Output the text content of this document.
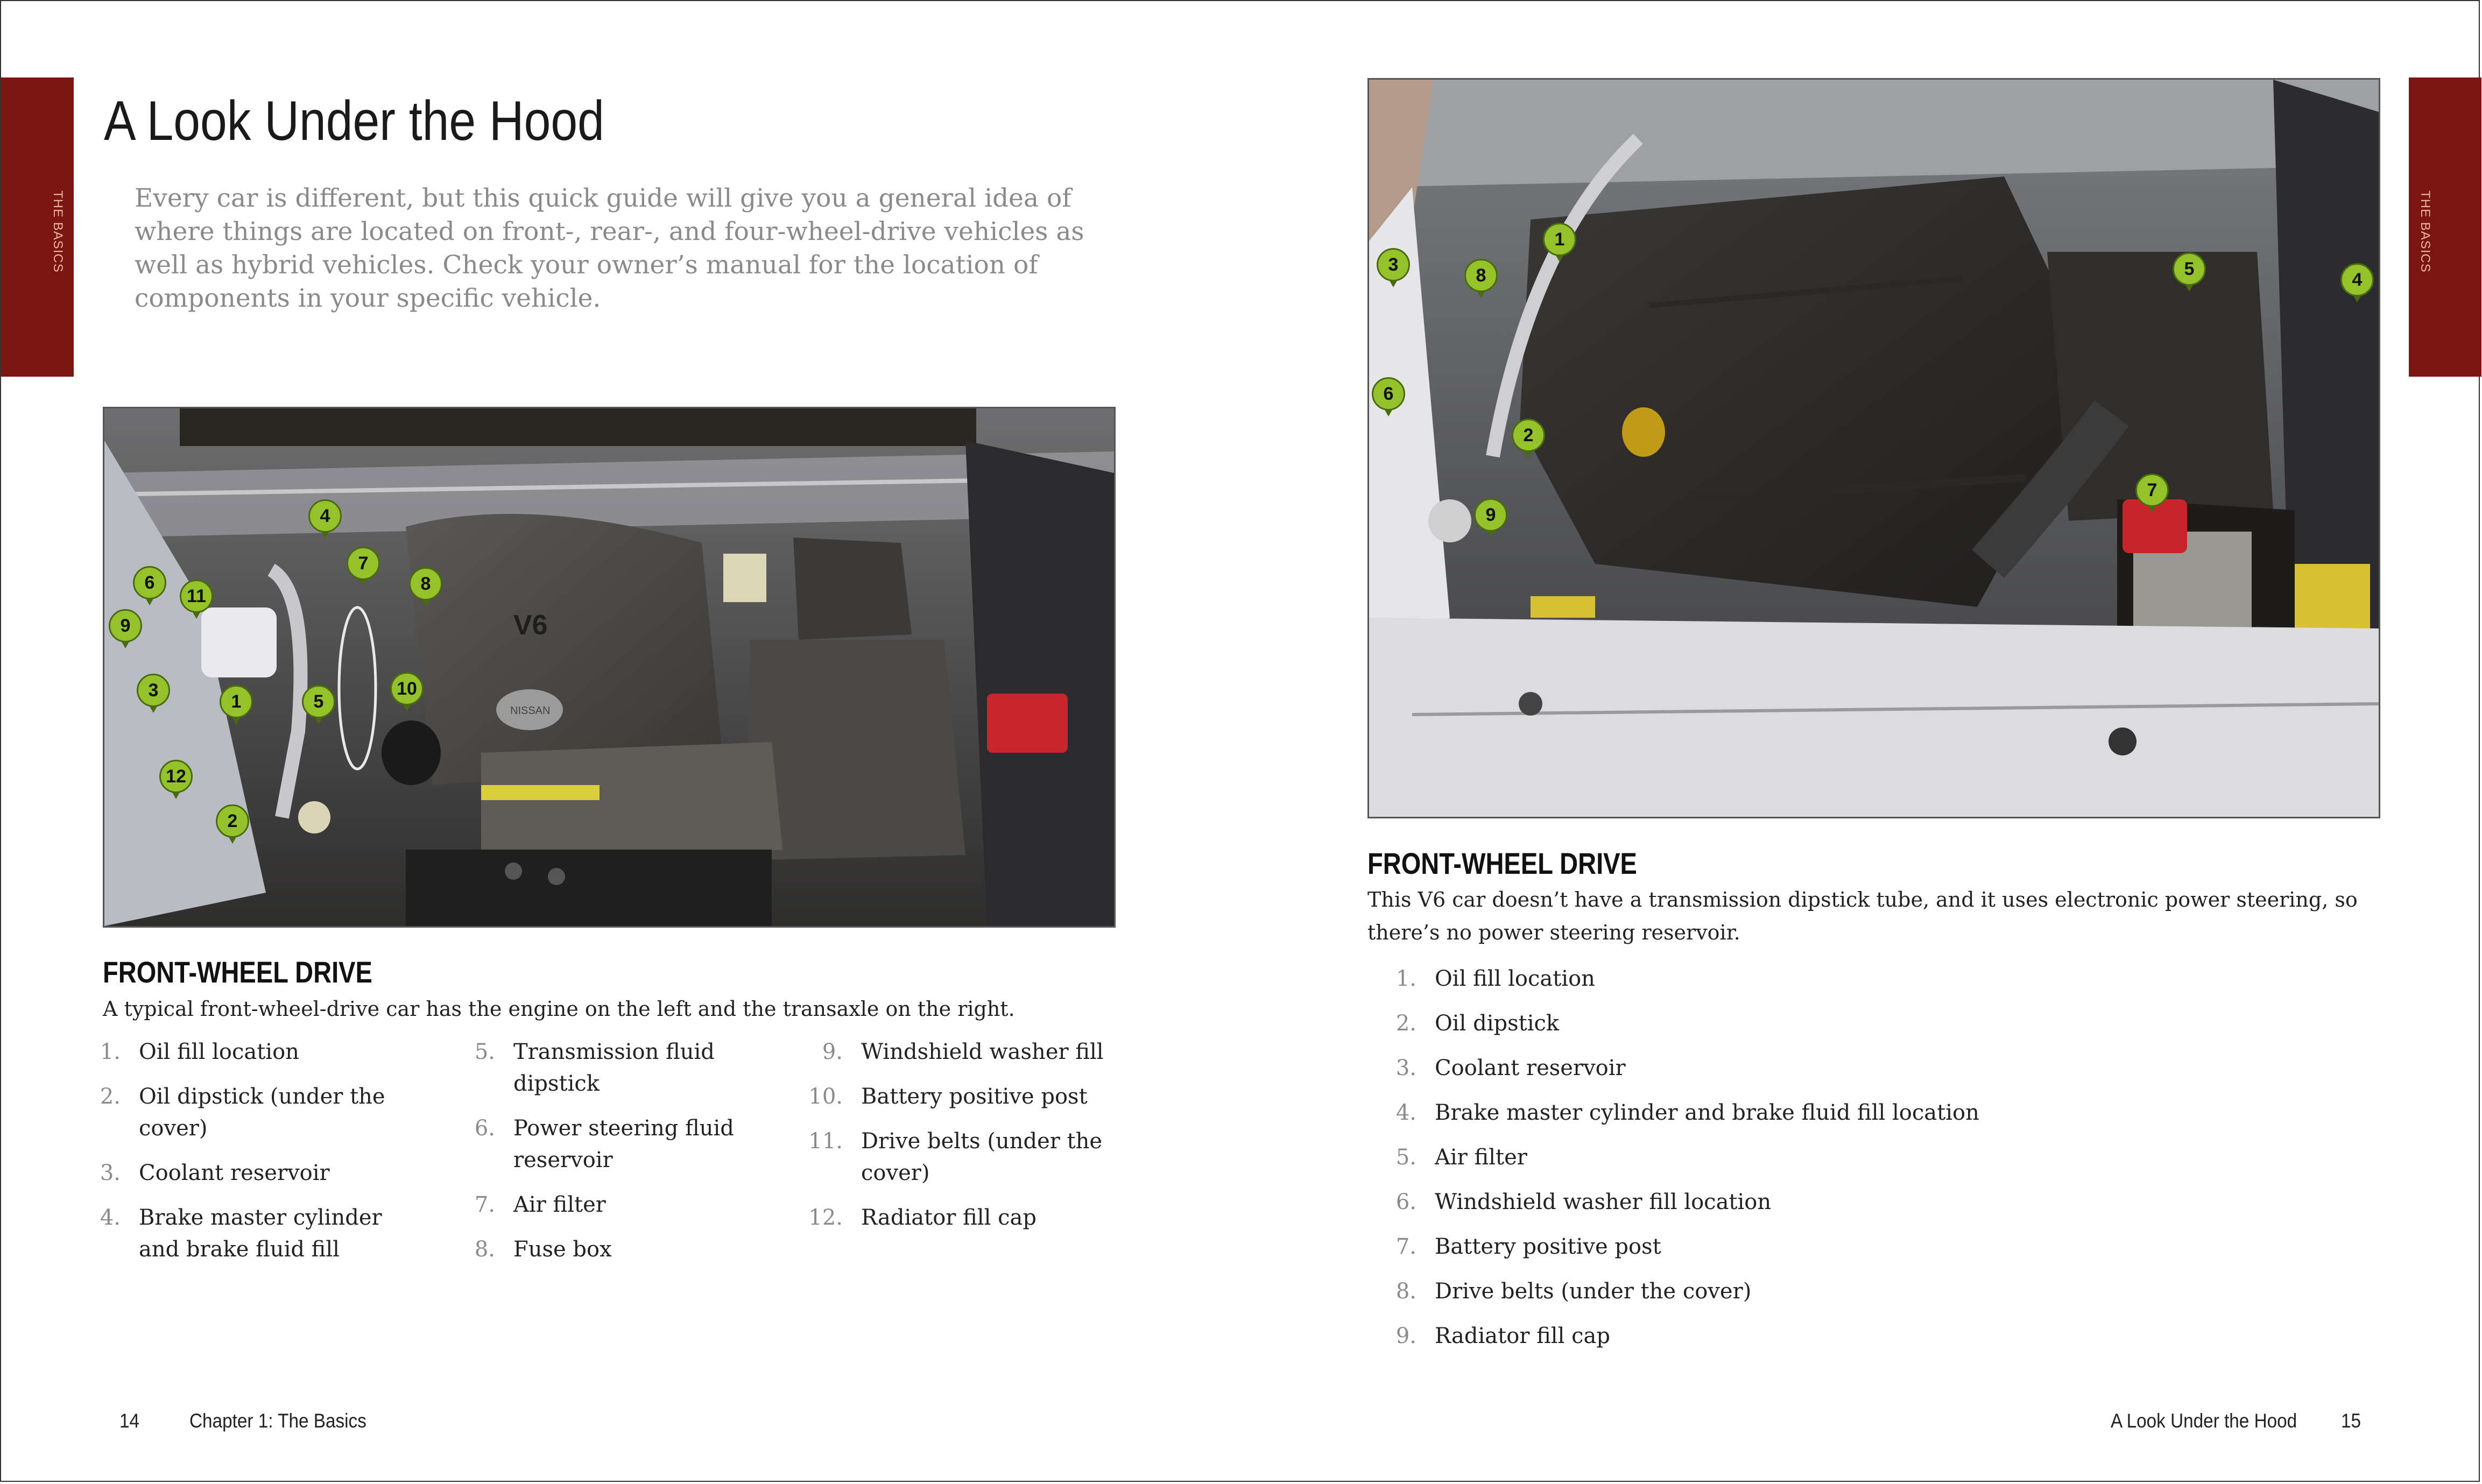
THE BASICS	THE BASICS
A Look Under the Hood

Every car is different, but this quick guide will give you a general idea of where things are located on front-, rear-, and four-wheel-drive vehicles as well as hybrid vehicles. Check your owner’s manual for the location of components in your specific vehicle.

V6
NISSAN
1
2
3
4
5
6
7
8
9
10
11
12
FRONT-WHEEL DRIVE

A typical front-wheel-drive car has the engine on the left and the transaxle on the right.

1. Oil fill location
2. Oil dipstick (under the cover)
3. Coolant reservoir
4. Brake master cylinder and brake fluid fill
5. Transmission fluid dipstick
6. Power steering fluid reservoir
7. Air filter
8. Fuse box
9. Windshield washer fill
10. Battery positive post
11. Drive belts (under the cover)
12. Radiator fill cap
1
2
3
4
5
6
7
8
9
FRONT-WHEEL DRIVE

This V6 car doesn’t have a transmission dipstick tube, and it uses electronic power steering, so there’s no power steering reservoir.

1. Oil fill location
2. Oil dipstick
3. Coolant reservoir
4. Brake master cylinder and brake fluid fill location
5. Air filter
6. Windshield washer fill location
7. Battery positive post
8. Drive belts (under the cover)
9. Radiator fill cap
14	Chapter 1: The Basics	A Look Under the Hood 15
